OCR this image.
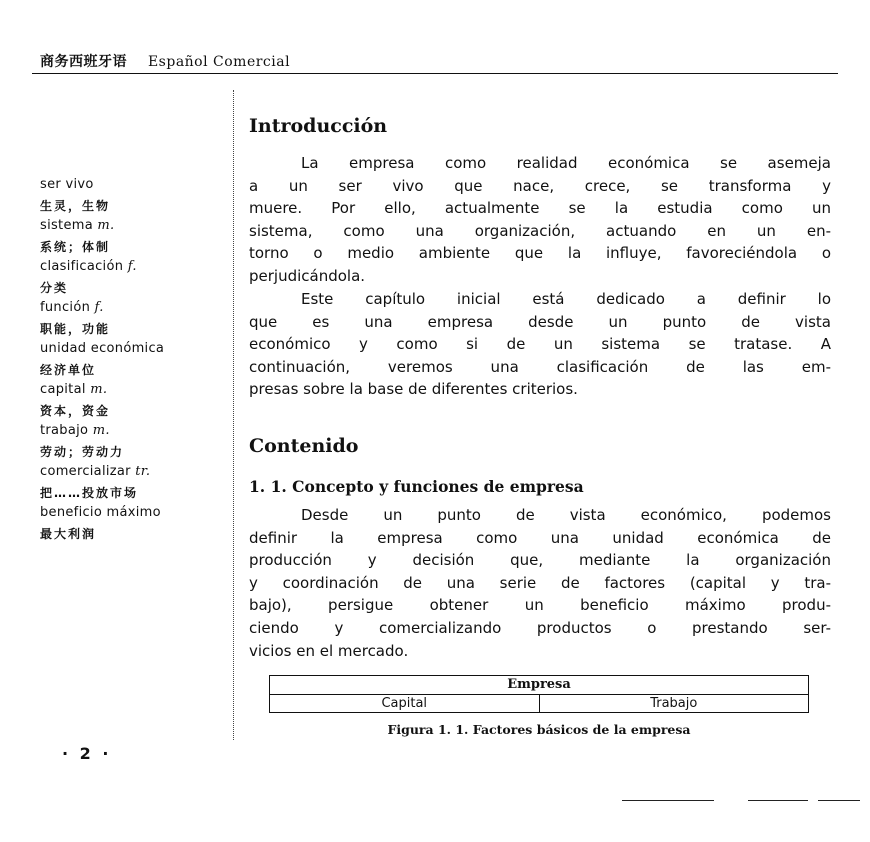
商务西班牙语 Español Comercial
ser vivo
生灵，生物
sistema m.
系统；体制
clasificación f.
分类
función f.
职能，功能
unidad económica
经济单位
capital m.
资本，资金
trabajo m.
劳动；劳动力
comercializar tr.
把……投放市场
beneficio máximo
最大利润
Introducción
La empresa como realidad económica se asemeja
a un ser vivo que nace, crece, se transforma y
muere. Por ello, actualmente se la estudia como un
sistema, como una organización, actuando en un en-
torno o medio ambiente que la influye, favoreciéndola o
perjudicándola.
Este capítulo inicial está dedicado a definir lo
que es una empresa desde un punto de vista
económico y como si de un sistema se tratase. A
continuación, veremos una clasificación de las em-
presas sobre la base de diferentes criterios.
Contenido
1. 1. Concepto y funciones de empresa
Desde un punto de vista económico, podemos
definir la empresa como una unidad económica de
producción y decisión que, mediante la organización
y coordinación de una serie de factores (capital y tra-
bajo), persigue obtener un beneficio máximo produ-
ciendo y comercializando productos o prestando ser-
vicios en el mercado.
Empresa
Capital	Trabajo
Figura 1. 1. Factores básicos de la empresa
· 2 ·
